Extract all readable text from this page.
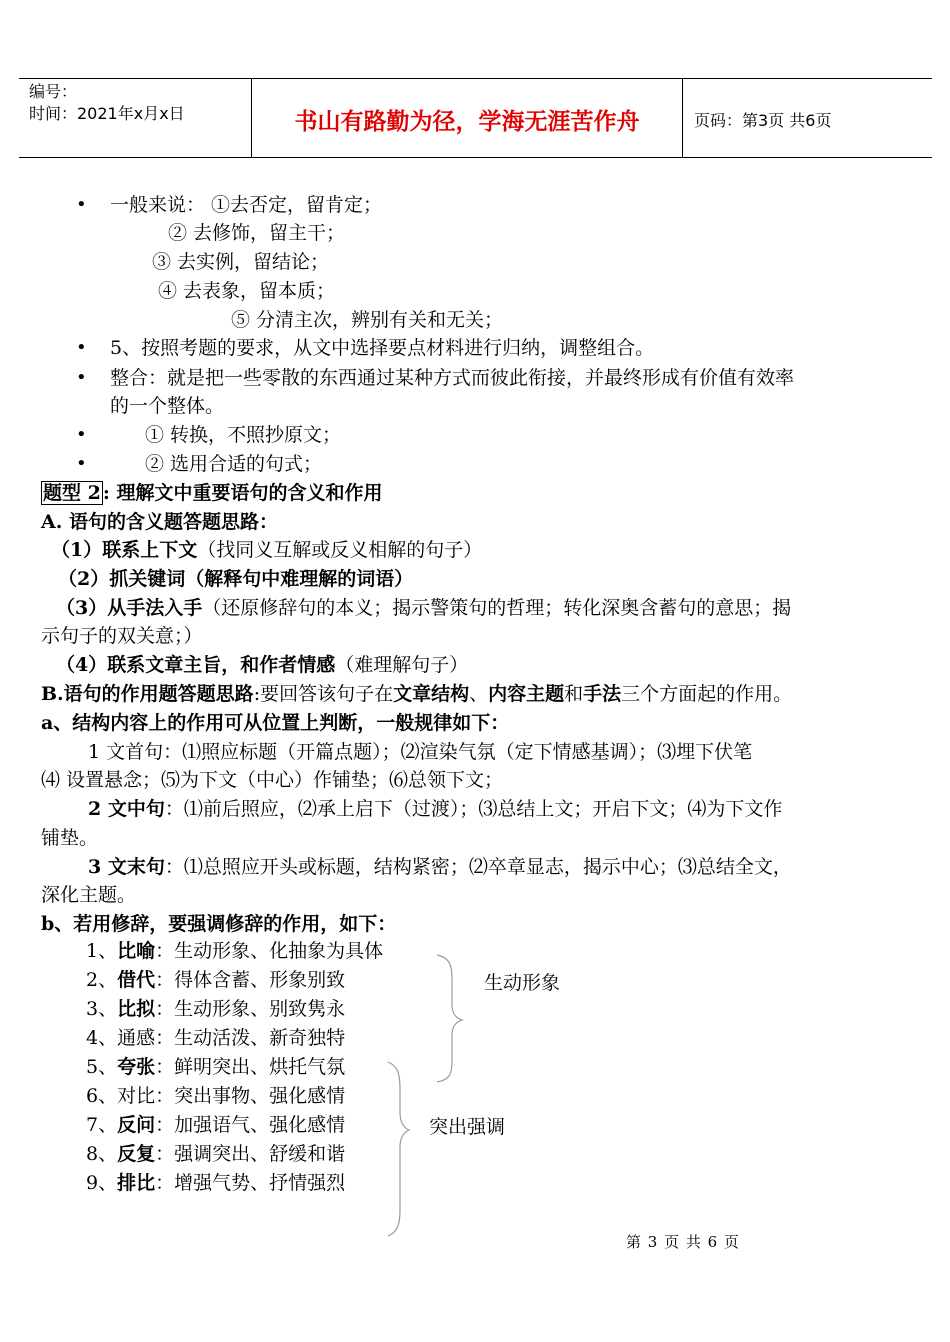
编号：
时间：2021年x月x日	书山有路勤为径，学海无涯苦作舟	页码：第3页 共6页
• 一般来说： ①去否定，留肯定；
② 去修饰，留主干；
③ 去实例，留结论；
④ 去表象，留本质；
⑤ 分清主次，辨别有关和无关；
• 5、按照考题的要求，从文中选择要点材料进行归纳，调整组合。
• 整合：就是把一些零散的东西通过某种方式而彼此衔接，并最终形成有价值有效率
的一个整体。
•	① 转换，不照抄原文；
•	② 选用合适的句式；
题型 2 : 理解文中重要语句的含义和作用
A. 语句的含义题答题思路：
（1）联系上下文（找同义互解或反义相解的句子）
（2）抓关键词（解释句中难理解的词语）
（3）从手法入手（还原修辞句的本义；揭示警策句的哲理；转化深奥含蓄句的意思；揭
示句子的双关意；）
（4）联系文章主旨，和作者情感（难理解句子）
B.语句的作用题答题思路:要回答该句子在文章结构、内容主题和手法三个方面起的作用。
a、结构内容上的作用可从位置上判断，一般规律如下：
1 文首句：⑴照应标题（开篇点题）；⑵渲染气氛（定下情感基调）；⑶埋下伏笔
⑷ 设置悬念；⑸为下文（中心）作铺垫；⑹总领下文；
2 文中句：⑴前后照应，⑵承上启下（过渡）；⑶总结上文；开启下文；⑷为下文作
铺垫。
3 文末句：⑴总照应开头或标题，结构紧密；⑵卒章显志，揭示中心；⑶总结全文，
深化主题。
b、若用修辞，要强调修辞的作用，如下：
1、比喻：生动形象、化抽象为具体
2、借代：得体含蓄、形象别致
3、比拟：生动形象、别致隽永
4、通感：生动活泼、新奇独特
5、夸张：鲜明突出、烘托气氛
6、对比：突出事物、强化感情
7、反问：加强语气、强化感情
8、反复：强调突出、舒缓和谐
9、排比：增强气势、抒情强烈
生动形象
突出强调
第 3 页 共 6 页
